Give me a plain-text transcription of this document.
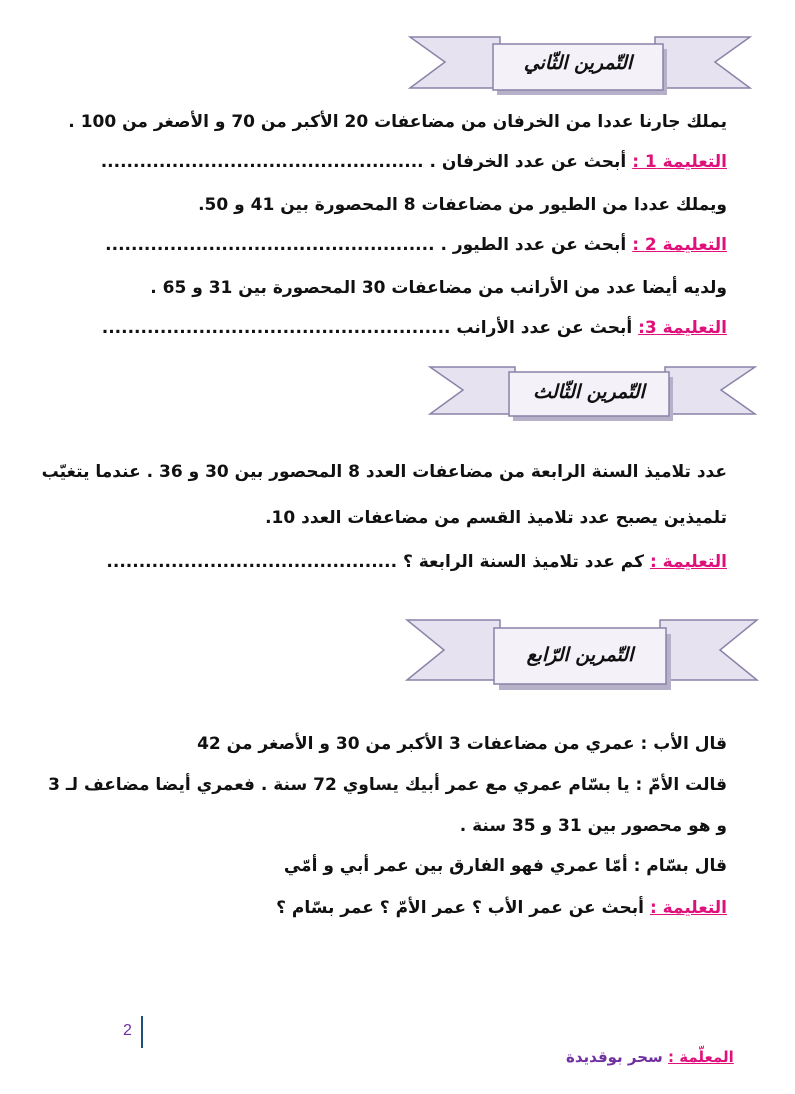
التّمرين الثّاني
يملك جارنا عددا من الخرفان من مضاعفات 20 الأكبر من 70 و الأصغر من 100 .
التعليمة 1 : أبحث عن عدد الخرفان . ..................................................
ويملك عددا من الطيور من مضاعفات 8 المحصورة بين 41 و 50.
التعليمة 2 : أبحث عن عدد الطيور . ...................................................
ولديه أيضا عدد من الأرانب من مضاعفات 30 المحصورة بين 31 و 65 .
التعليمة 3: أبحث عن عدد الأرانب ......................................................
التّمرين الثّالث
عدد تلاميذ السنة الرابعة من مضاعفات العدد 8 المحصور بين 30 و 36 . عندما يتغيّب
تلميذين يصبح عدد تلاميذ القسم من مضاعفات العدد 10.
التعليمة : كم عدد تلاميذ السنة الرابعة ؟ .............................................
التّمرين الرّابع
قال الأب : عمري من مضاعفات 3 الأكبر من 30 و الأصغر من 42
قالت الأمّ : يا بسّام عمري مع عمر أبيك يساوي 72 سنة . فعمري أيضا مضاعف لـ 3
و هو محصور بين 31 و 35 سنة .
قال بسّام : أمّا عمري فهو الفارق بين عمر أبي و أمّي
التعليمة : أبحث عن عمر الأب ؟ عمر الأمّ ؟ عمر بسّام ؟
2
المعلّمة : سحر بوقديدة
